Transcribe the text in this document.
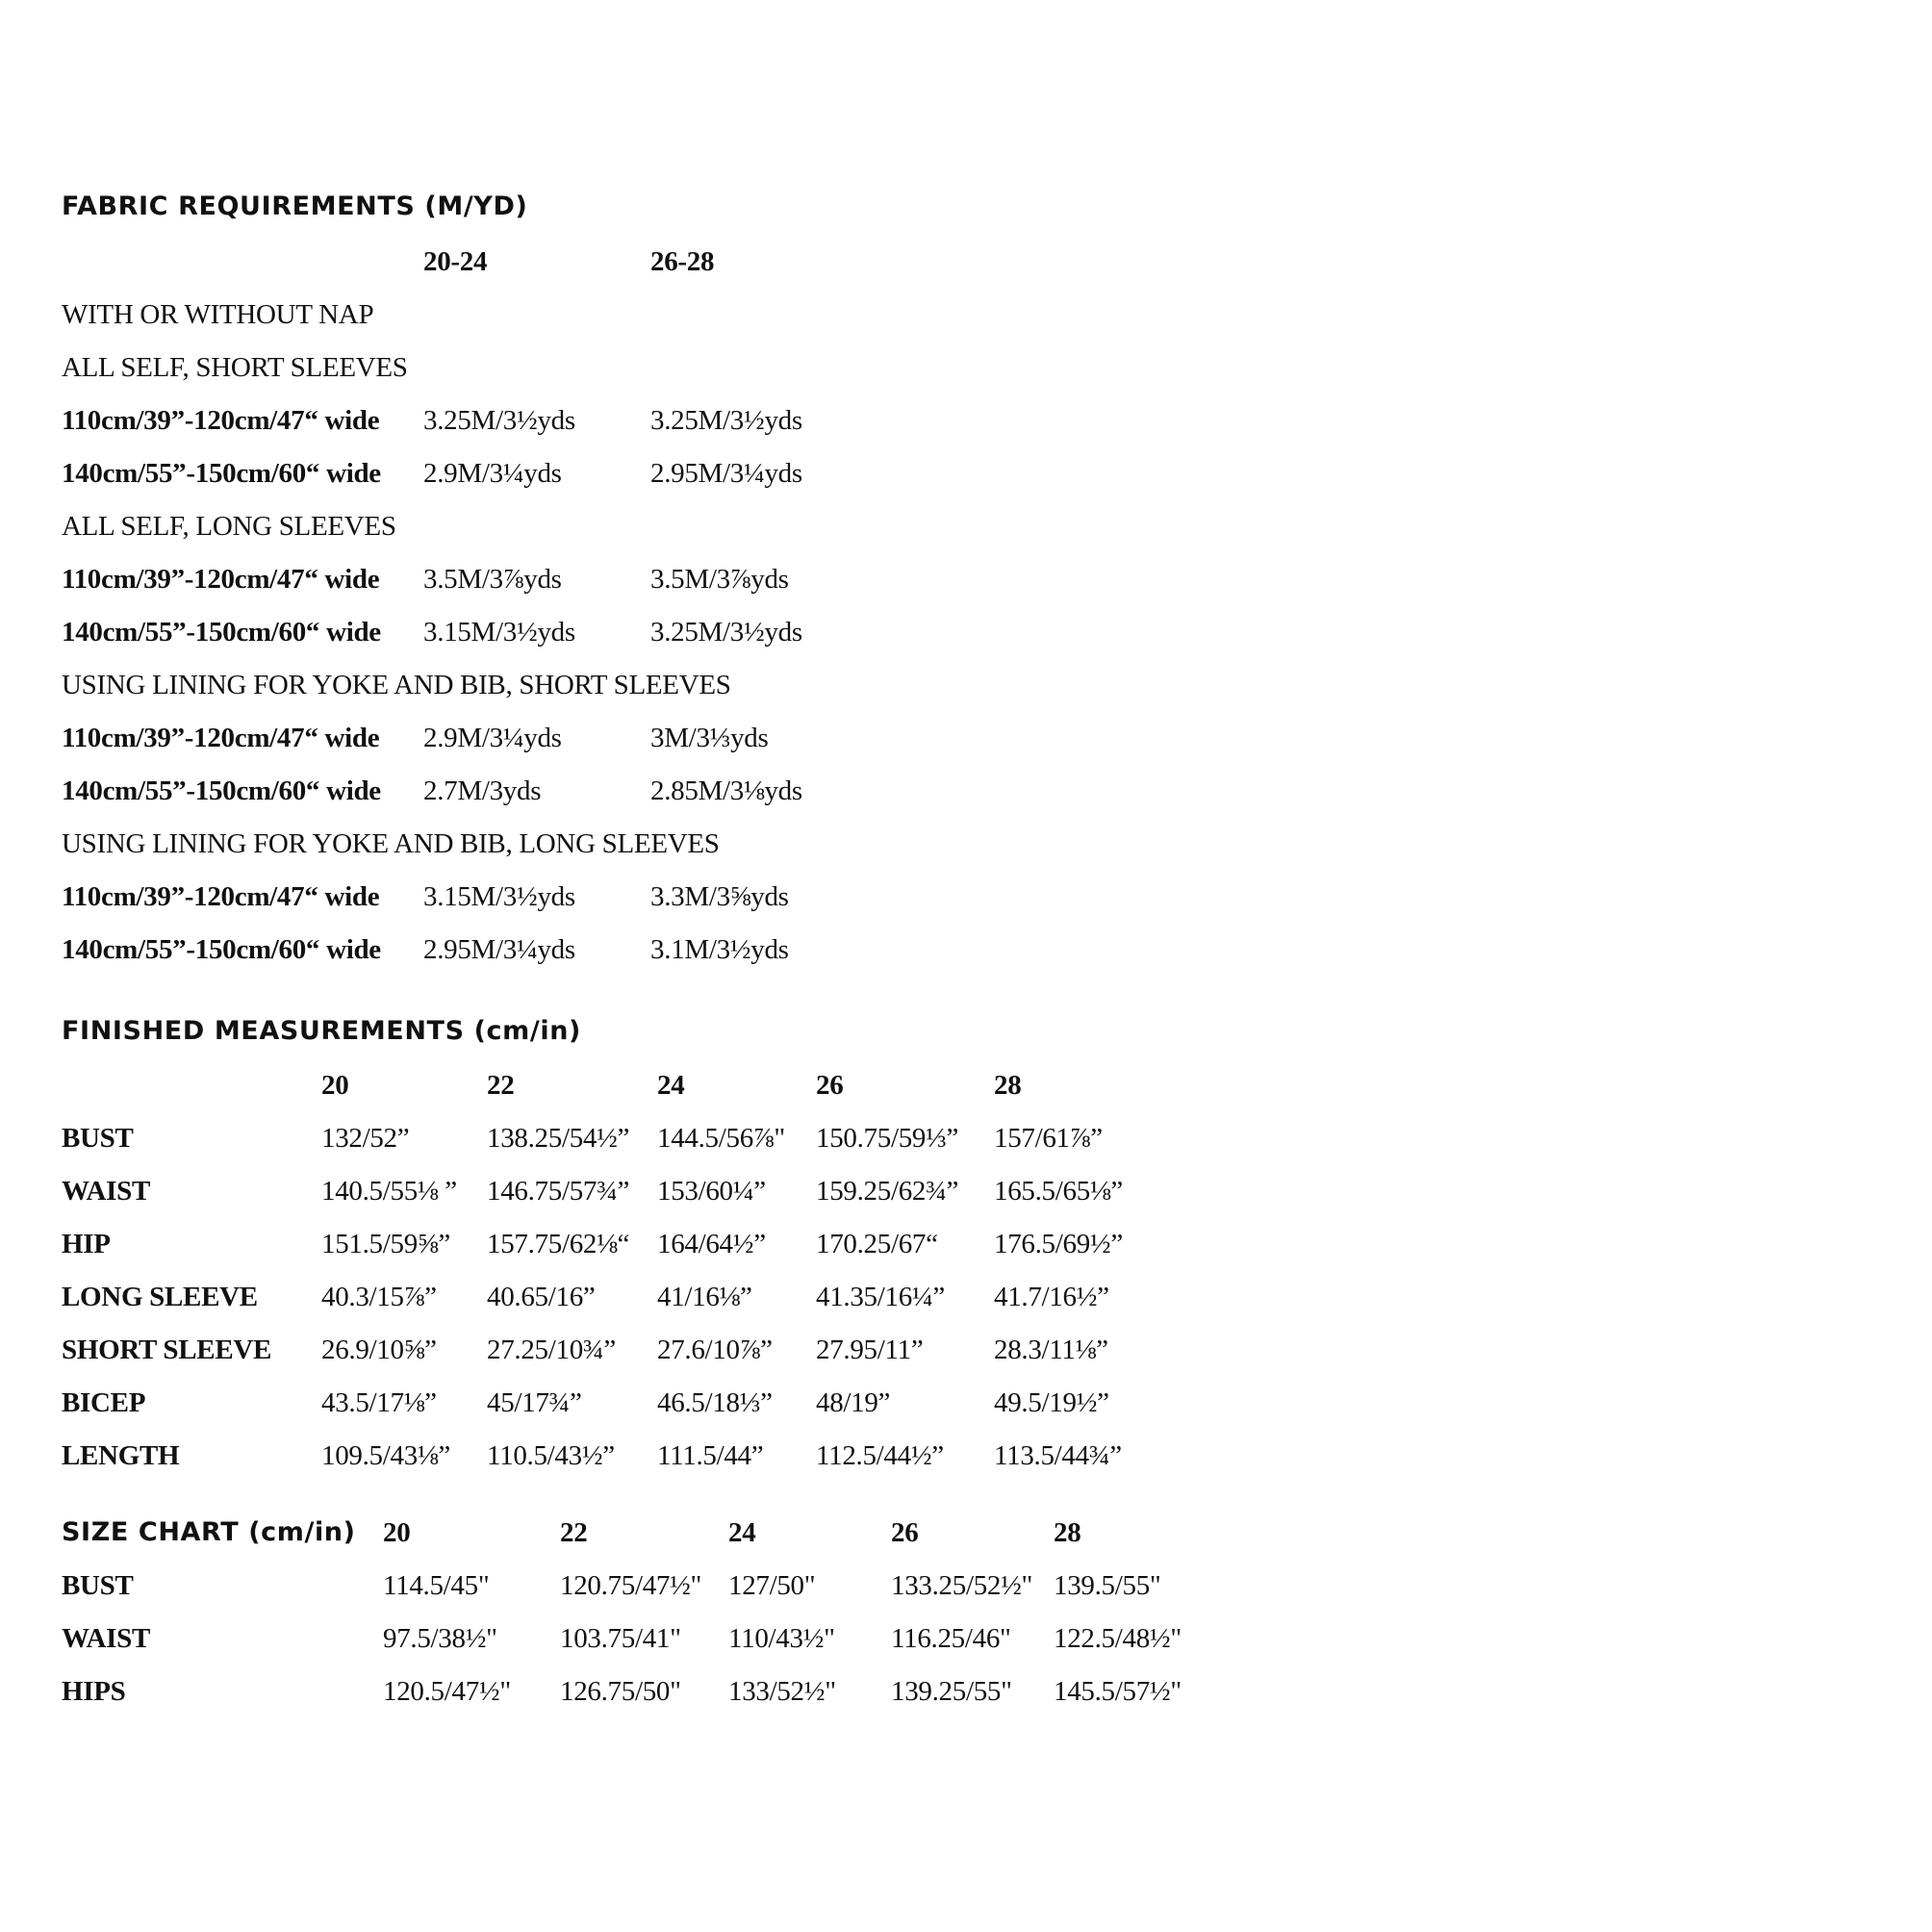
FABRIC REQUIREMENTS (M/YD)
20-24	26-28
WITH OR WITHOUT NAP
ALL SELF, SHORT SLEEVES
110cm/39”-120cm/47“ wide 3.25M/3½yds	3.25M/3½yds
140cm/55”-150cm/60“ wide 2.9M/3¼yds	2.95M/3¼yds
ALL SELF, LONG SLEEVES
110cm/39”-120cm/47“ wide 3.5M/3⅞yds	3.5M/3⅞yds
140cm/55”-150cm/60“ wide 3.15M/3½yds	3.25M/3½yds
USING LINING FOR YOKE AND BIB, SHORT SLEEVES
110cm/39”-120cm/47“ wide 2.9M/3¼yds	3M/3⅓yds
140cm/55”-150cm/60“ wide 2.7M/3yds	2.85M/3⅛yds
USING LINING FOR YOKE AND BIB, LONG SLEEVES
110cm/39”-120cm/47“ wide 3.15M/3½yds	3.3M/3⅝yds
140cm/55”-150cm/60“ wide 2.95M/3¼yds	3.1M/3½yds
FINISHED MEASUREMENTS (cm/in)
20	22	24	26	28
BUST	132/52”	138.25/54½” 144.5/56⅞" 150.75/59⅓” 157/61⅞”
WAIST	140.5/55⅛ ” 146.75/57¾” 153/60¼” 159.25/62¾” 165.5/65⅛”
HIP	151.5/59⅝” 157.75/62⅛“ 164/64½” 170.25/67“ 176.5/69½”
LONG SLEEVE 40.3/15⅞” 40.65/16” 41/16⅛” 41.35/16¼” 41.7/16½”
SHORT SLEEVE 26.9/10⅝” 27.25/10¾” 27.6/10⅞” 27.95/11”	28.3/11⅛”
BICEP	43.5/17⅛” 45/17¾”	46.5/18⅓” 48/19”	49.5/19½”
LENGTH	109.5/43⅛” 110.5/43½” 111.5/44” 112.5/44½” 113.5/44¾”
SIZE CHART (cm/in) 20	22	24	26	28
BUST	114.5/45"	120.75/47½" 127/50"	133.25/52½" 139.5/55"
WAIST	97.5/38½" 103.75/41" 110/43½" 116.25/46" 122.5/48½"
HIPS	120.5/47½" 126.75/50" 133/52½" 139.25/55" 145.5/57½"
